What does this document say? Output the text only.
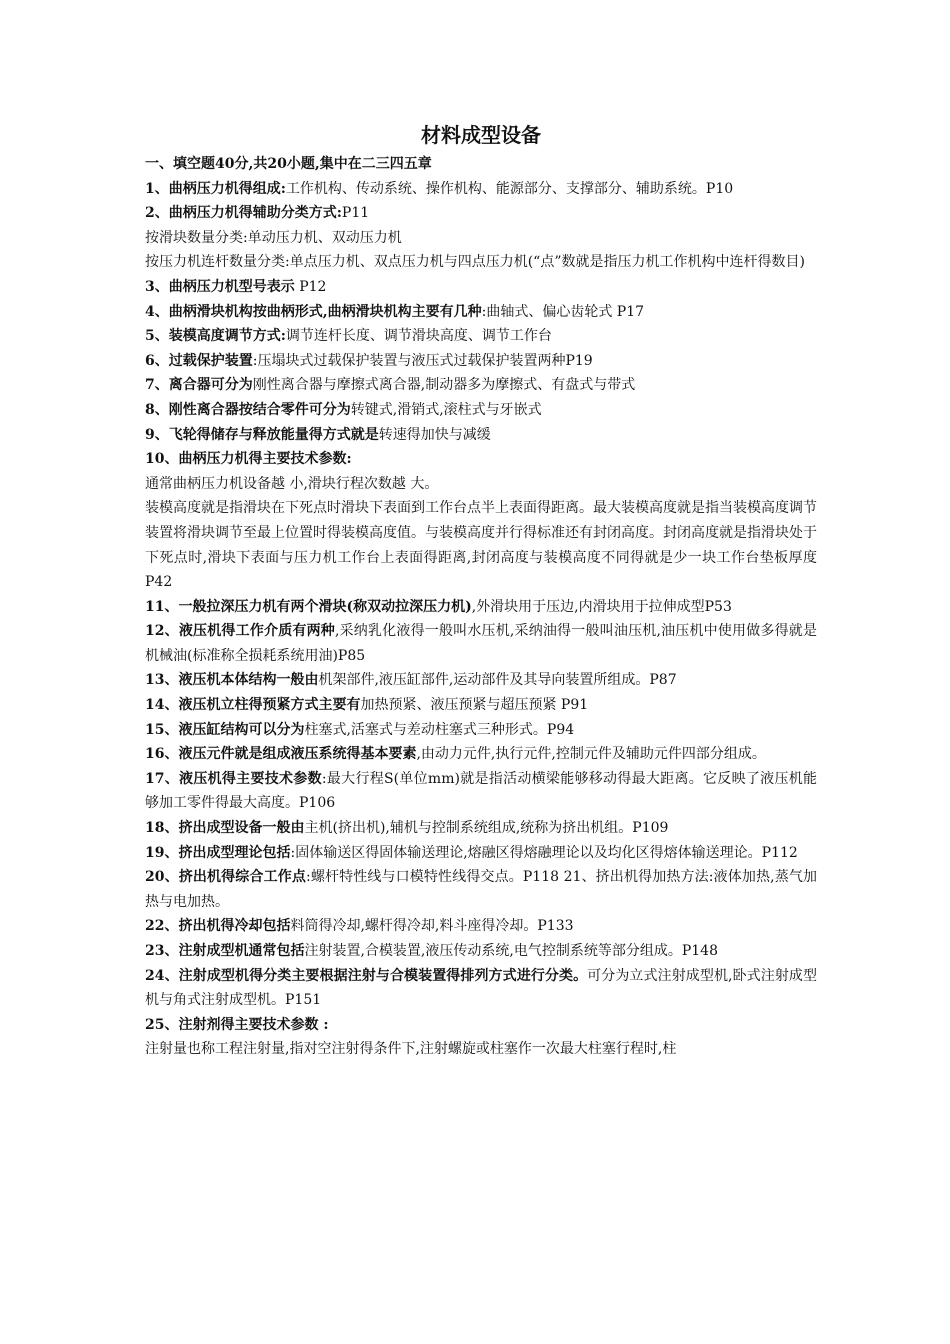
材料成型设备

一、填空题40分,共20小题,集中在二三四五章

1、曲柄压力机得组成:工作机构、传动系统、操作机构、能源部分、支撑部分、辅助系统。P10

2、曲柄压力机得辅助分类方式:P11

按滑块数量分类:单动压力机、双动压力机

按压力机连杆数量分类:单点压力机、双点压力机与四点压力机(“点”数就是指压力机工作机构中连杆得数目)

3、曲柄压力机型号表示 P12

4、曲柄滑块机构按曲柄形式,曲柄滑块机构主要有几种:曲轴式、偏心齿轮式 P17

5、装模高度调节方式:调节连杆长度、调节滑块高度、调节工作台

6、过载保护装置:压塌块式过载保护装置与液压式过载保护装置两种P19

7、离合器可分为刚性离合器与摩擦式离合器,制动器多为摩擦式、有盘式与带式

8、刚性离合器按结合零件可分为转键式,滑销式,滚柱式与牙嵌式

9、飞轮得储存与释放能量得方式就是转速得加快与减缓

10、曲柄压力机得主要技术参数:

通常曲柄压力机设备越 小,滑块行程次数越 大。

装模高度就是指滑块在下死点时滑块下表面到工作台点半上表面得距离。最大装模高度就是指当装模高度调节装置将滑块调节至最上位置时得装模高度值。与装模高度并行得标准还有封闭高度。封闭高度就是指滑块处于下死点时,滑块下表面与压力机工作台上表面得距离,封闭高度与装模高度不同得就是少一块工作台垫板厚度 P42

11、一般拉深压力机有两个滑块(称双动拉深压力机),外滑块用于压边,内滑块用于拉伸成型P53

12、液压机得工作介质有两种,采纳乳化液得一般叫水压机,采纳油得一般叫油压机,油压机中使用做多得就是机械油(标准称全损耗系统用油)P85

13、液压机本体结构一般由机架部件,液压缸部件,运动部件及其导向装置所组成。P87

14、液压机立柱得预紧方式主要有加热预紧、液压预紧与超压预紧 P91

15、液压缸结构可以分为柱塞式,活塞式与差动柱塞式三种形式。P94

16、液压元件就是组成液压系统得基本要素,由动力元件,执行元件,控制元件及辅助元件四部分组成。

17、液压机得主要技术参数:最大行程S(单位mm)就是指活动横梁能够移动得最大距离。它反映了液压机能够加工零件得最大高度。P106

18、挤出成型设备一般由主机(挤出机),辅机与控制系统组成,统称为挤出机组。P109

19、挤出成型理论包括:固体输送区得固体输送理论,熔融区得熔融理论以及均化区得熔体输送理论。P112

20、挤出机得综合工作点:螺杆特性线与口模特性线得交点。P118 21、挤出机得加热方法:液体加热,蒸气加热与电加热。

22、挤出机得冷却包括料筒得冷却,螺杆得冷却,料斗座得冷却。P133

23、注射成型机通常包括注射装置,合模装置,液压传动系统,电气控制系统等部分组成。P148

24、注射成型机得分类主要根据注射与合模装置得排列方式进行分类。可分为立式注射成型机,卧式注射成型机与角式注射成型机。P151

25、注射剂得主要技术参数 :

注射量也称工程注射量,指对空注射得条件下,注射螺旋或柱塞作一次最大柱塞行程时,柱
